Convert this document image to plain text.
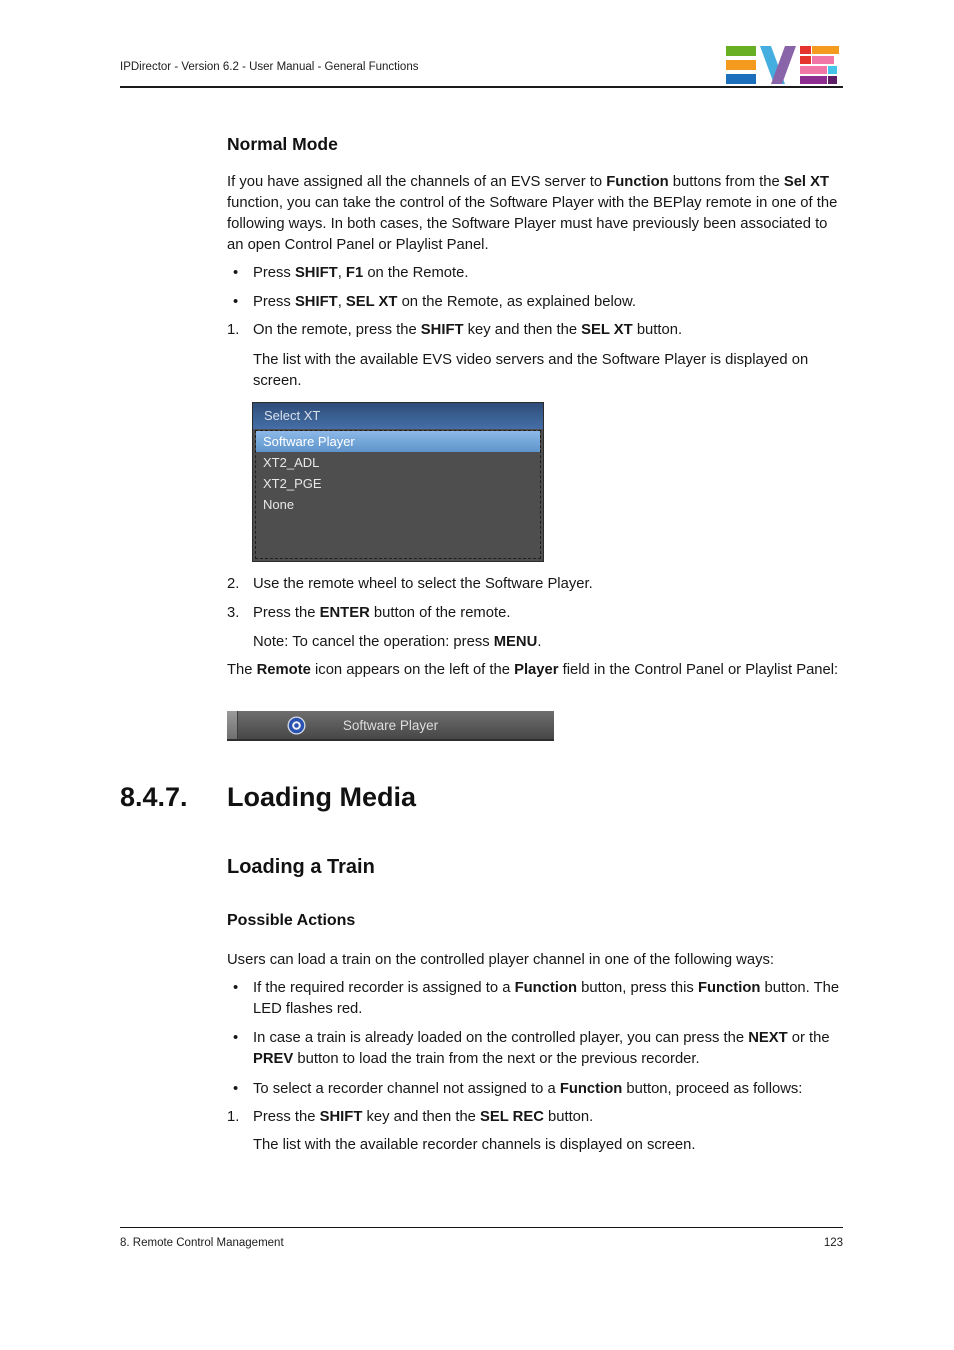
IPDirector - Version 6.2 - User Manual - General Functions
Normal Mode
If you have assigned all the channels of an EVS server to Function buttons from the Sel XT function, you can take the control of the Software Player with the BEPlay remote in one of the following ways. In both cases, the Software Player must have previously been associated to an open Control Panel or Playlist Panel.
• Press SHIFT, F1 on the Remote.
• Press SHIFT, SEL XT on the Remote, as explained below.
1. On the remote, press the SHIFT key and then the SEL XT button.
The list with the available EVS video servers and the Software Player is displayed on screen.
Select XT
Software Player
XT2_ADL
XT2_PGE
None
2. Use the remote wheel to select the Software Player.
3. Press the ENTER button of the remote.
Note: To cancel the operation: press MENU.
The Remote icon appears on the left of the Player field in the Control Panel or Playlist Panel:
Software Player
8.4.7. Loading Media
Loading a Train
Possible Actions
Users can load a train on the controlled player channel in one of the following ways:
• If the required recorder is assigned to a Function button, press this Function button. The LED flashes red.
• In case a train is already loaded on the controlled player, you can press the NEXT or the PREV button to load the train from the next or the previous recorder.
• To select a recorder channel not assigned to a Function button, proceed as follows:
1. Press the SHIFT key and then the SEL REC button.
The list with the available recorder channels is displayed on screen.
8. Remote Control Management	123
